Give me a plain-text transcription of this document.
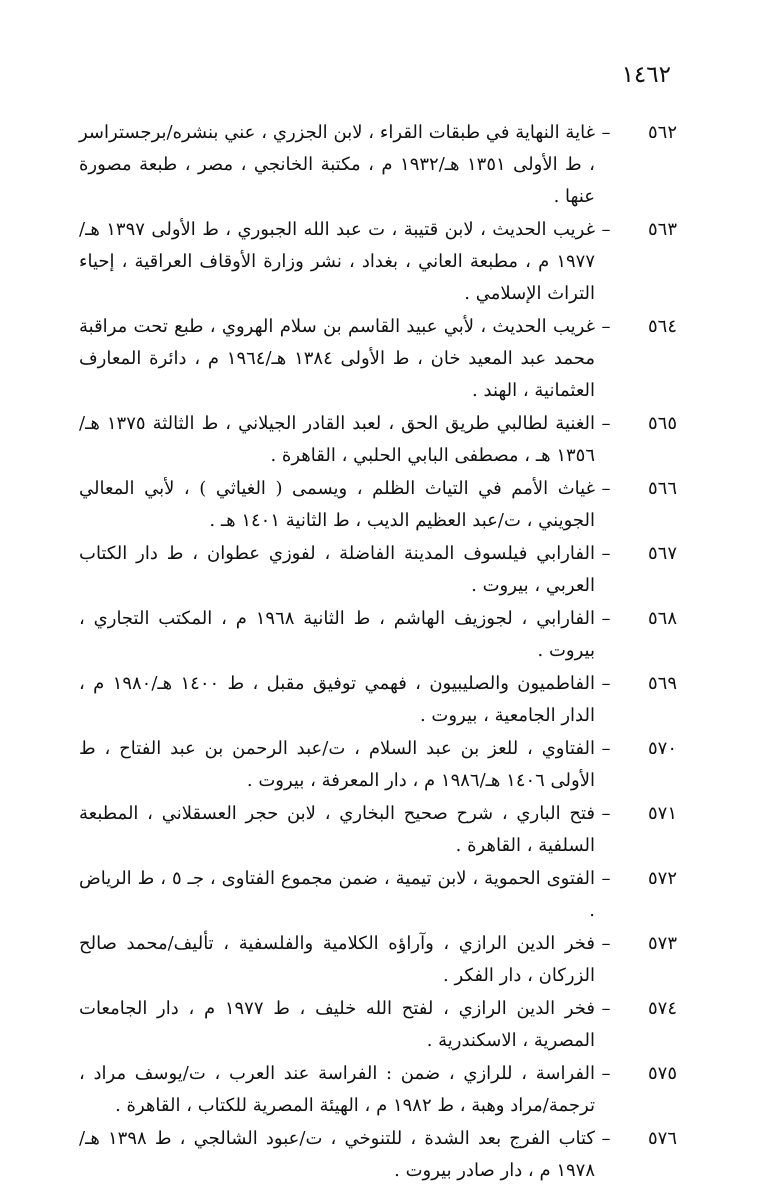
١٤٦٢
٥٦٢
–
غاية النهاية في طبقات القراء ، لابن الجزري ، عني بنشره/برجستراسر ، ط الأولى ١٣٥١ هـ/١٩٣٢ م ، مكتبة الخانجي ، مصر ، طبعة مصورة عنها .
٥٦٣
–
غريب الحديث ، لابن قتيبة ، ت عبد الله الجبوري ، ط الأولى ١٣٩٧ هـ/ ١٩٧٧ م ، مطبعة العاني ، بغداد ، نشر وزارة الأوقاف العراقية ، إحياء التراث الإسلامي .
٥٦٤
–
غريب الحديث ، لأبي عبيد القاسم بن سلام الهروي ، طبع تحت مراقبة محمد عبد المعيد خان ، ط الأولى ١٣٨٤ هـ/١٩٦٤ م ، دائرة المعارف العثمانية ، الهند .
٥٦٥
–
الغنية لطالبي طريق الحق ، لعبد القادر الجيلاني ، ط الثالثة ١٣٧٥ هـ/١٣٥٦ هـ ، مصطفى البابي الحلبي ، القاهرة .
٥٦٦
–
غياث الأمم في التياث الظلم ، ويسمى ( الغياثي ) ، لأبي المعالي الجويني ، ت/عبد العظيم الديب ، ط الثانية ١٤٠١ هـ .
٥٦٧
–
الفارابي فيلسوف المدينة الفاضلة ، لفوزي عطوان ، ط دار الكتاب العربي ، بيروت .
٥٦٨
–
الفارابي ، لجوزيف الهاشم ، ط الثانية ١٩٦٨ م ، المكتب التجاري ، بيروت .
٥٦٩
–
الفاطميون والصليبيون ، فهمي توفيق مقبل ، ط ١٤٠٠ هـ/١٩٨٠ م ، الدار الجامعية ، بيروت .
٥٧٠
–
الفتاوي ، للعز بن عبد السلام ، ت/عبد الرحمن بن عبد الفتاح ، ط الأولى ١٤٠٦ هـ/١٩٨٦ م ، دار المعرفة ، بيروت .
٥٧١
–
فتح الباري ، شرح صحيح البخاري ، لابن حجر العسقلاني ، المطبعة السلفية ، القاهرة .
٥٧٢
–
الفتوى الحموية ، لابن تيمية ، ضمن مجموع الفتاوى ، جـ ٥ ، ط الرياض .
٥٧٣
–
فخر الدين الرازي ، وآراؤه الكلامية والفلسفية ، تأليف/محمد صالح الزركان ، دار الفكر .
٥٧٤
–
فخر الدين الرازي ، لفتح الله خليف ، ط ١٩٧٧ م ، دار الجامعات المصرية ، الاسكندرية .
٥٧٥
–
الفراسة ، للرازي ، ضمن : الفراسة عند العرب ، ت/يوسف مراد ، ترجمة/مراد وهبة ، ط ١٩٨٢ م ، الهيئة المصرية للكتاب ، القاهرة .
٥٧٦
–
كتاب الفرج بعد الشدة ، للتنوخي ، ت/عبود الشالجي ، ط ١٣٩٨ هـ/١٩٧٨ م ، دار صادر بيروت .
